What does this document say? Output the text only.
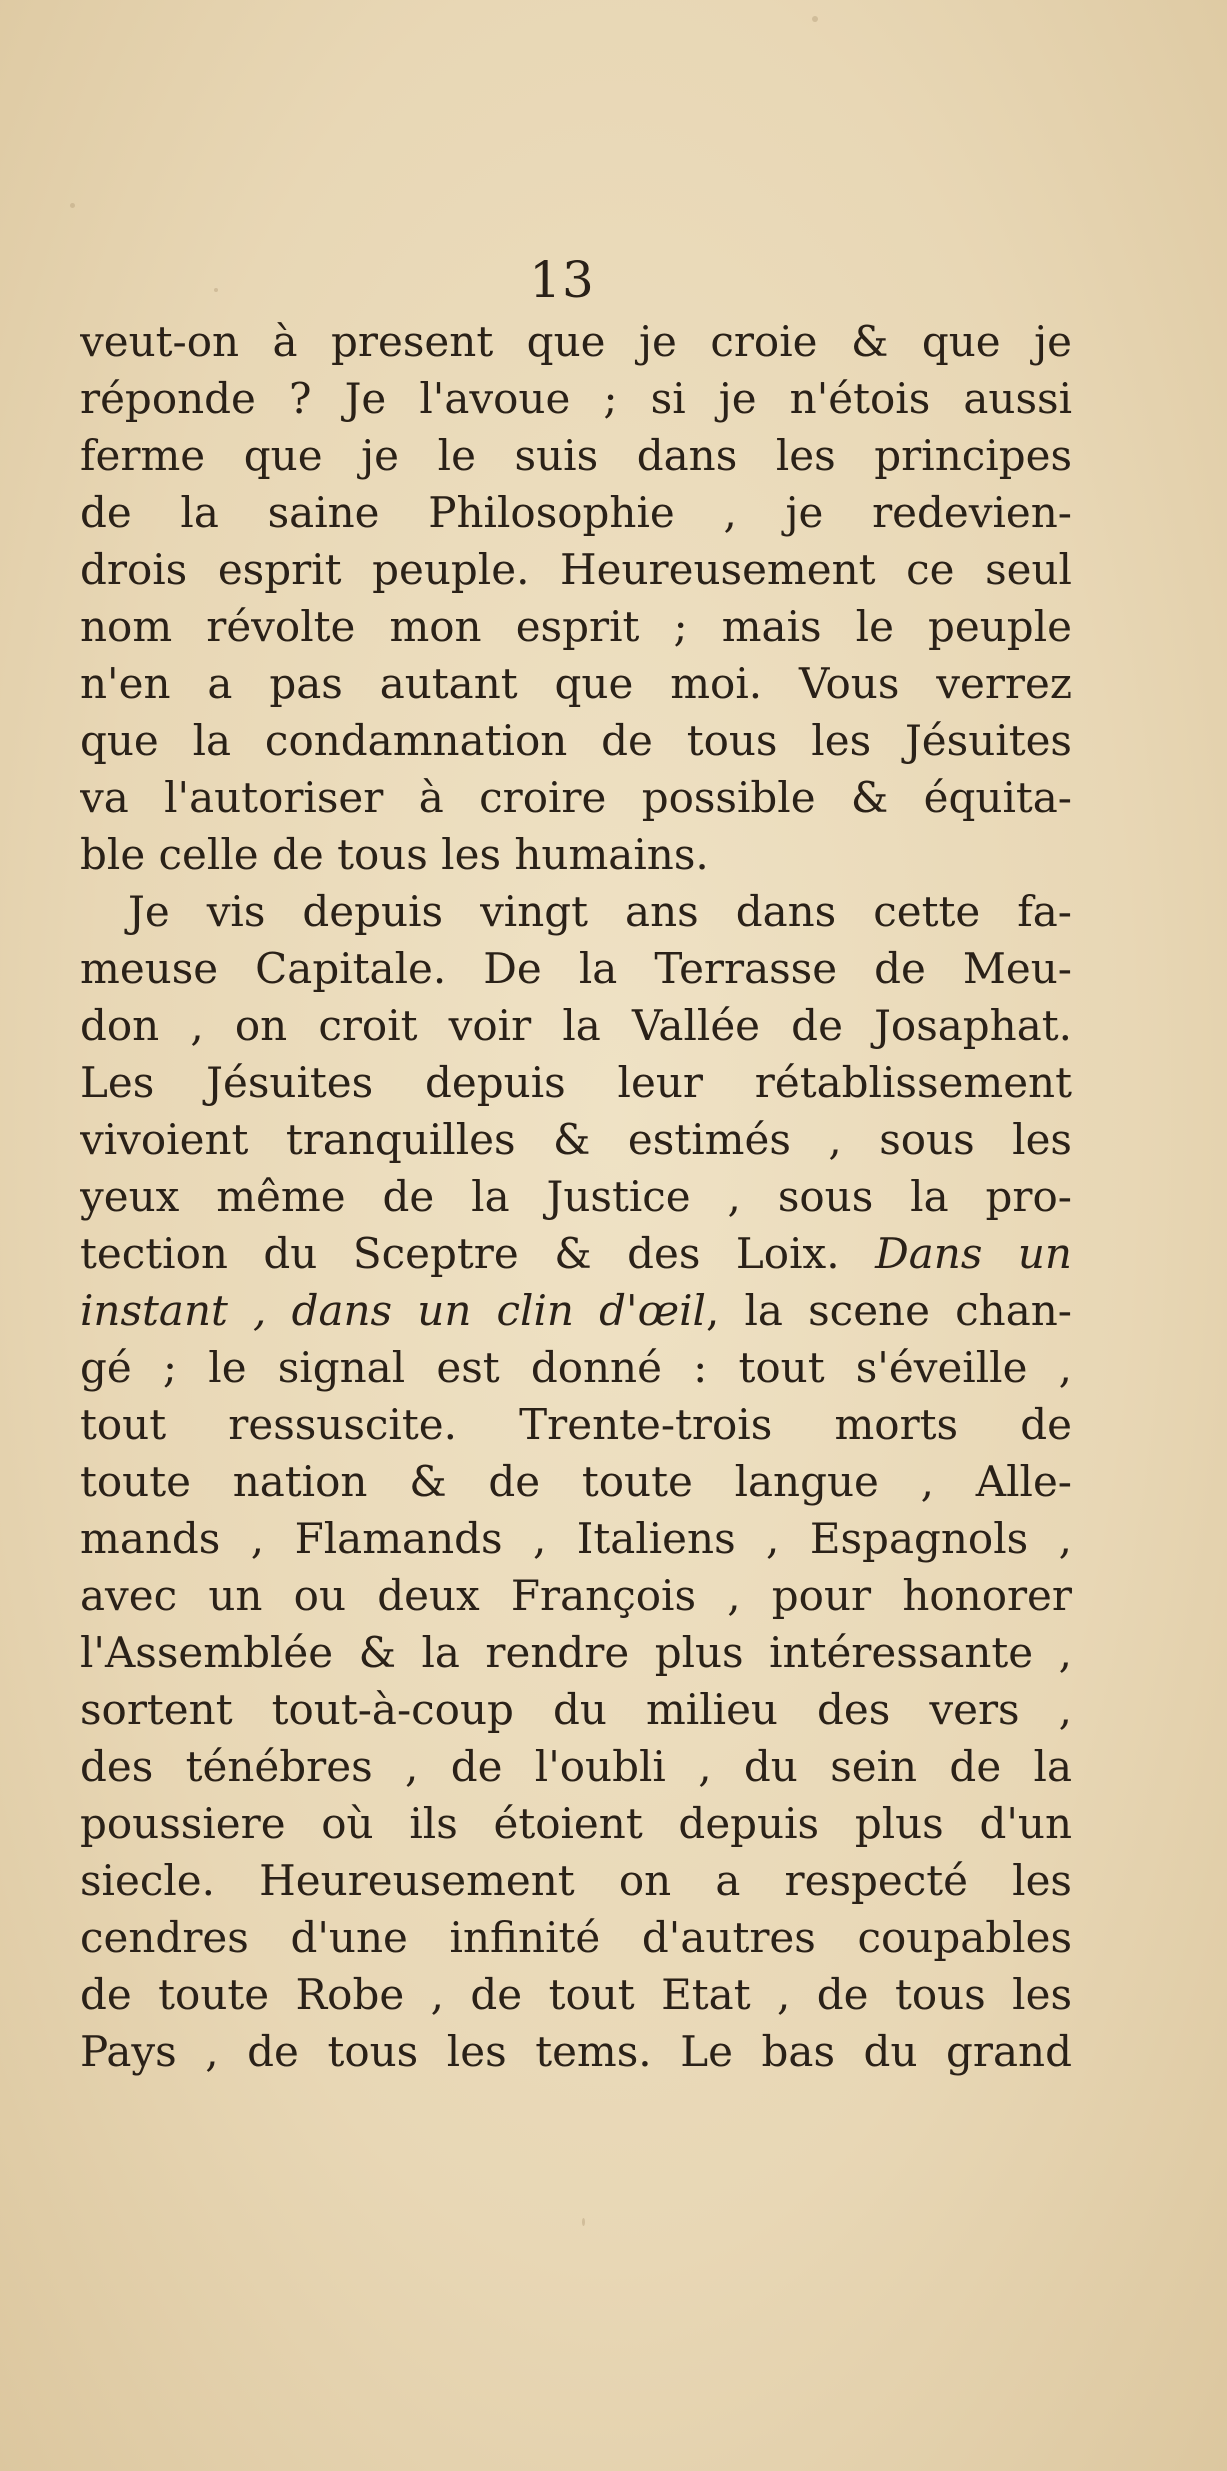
13
veut-on à present que je croie & que je
réponde ? Je l'avoue ; si je n'étois aussi
ferme que je le suis dans les principes
de la saine Philosophie , je redevien-
drois esprit peuple. Heureusement ce seul
nom révolte mon esprit ; mais le peuple
n'en a pas autant que moi. Vous verrez
que la condamnation de tous les Jésuites
va l'autoriser à croire possible & équita-
ble celle de tous les humains.
Je vis depuis vingt ans dans cette fa-
meuse Capitale. De la Terrasse de Meu-
don , on croit voir la Vallée de Josaphat.
Les Jésuites depuis leur rétablissement
vivoient tranquilles & estimés , sous les
yeux même de la Justice , sous la pro-
tection du Sceptre & des Loix. Dans un
instant , dans un clin d'œil, la scene chan-
gé ; le signal est donné : tout s'éveille ,
tout ressuscite. Trente-trois morts de
toute nation & de toute langue , Alle-
mands , Flamands , Italiens , Espagnols ,
avec un ou deux François , pour honorer
l'Assemblée & la rendre plus intéressante ,
sortent tout-à-coup du milieu des vers ,
des ténébres , de l'oubli , du sein de la
poussiere où ils étoient depuis plus d'un
siecle. Heureusement on a respecté les
cendres d'une infinité d'autres coupables
de toute Robe , de tout Etat , de tous les
Pays , de tous les tems. Le bas du grand
